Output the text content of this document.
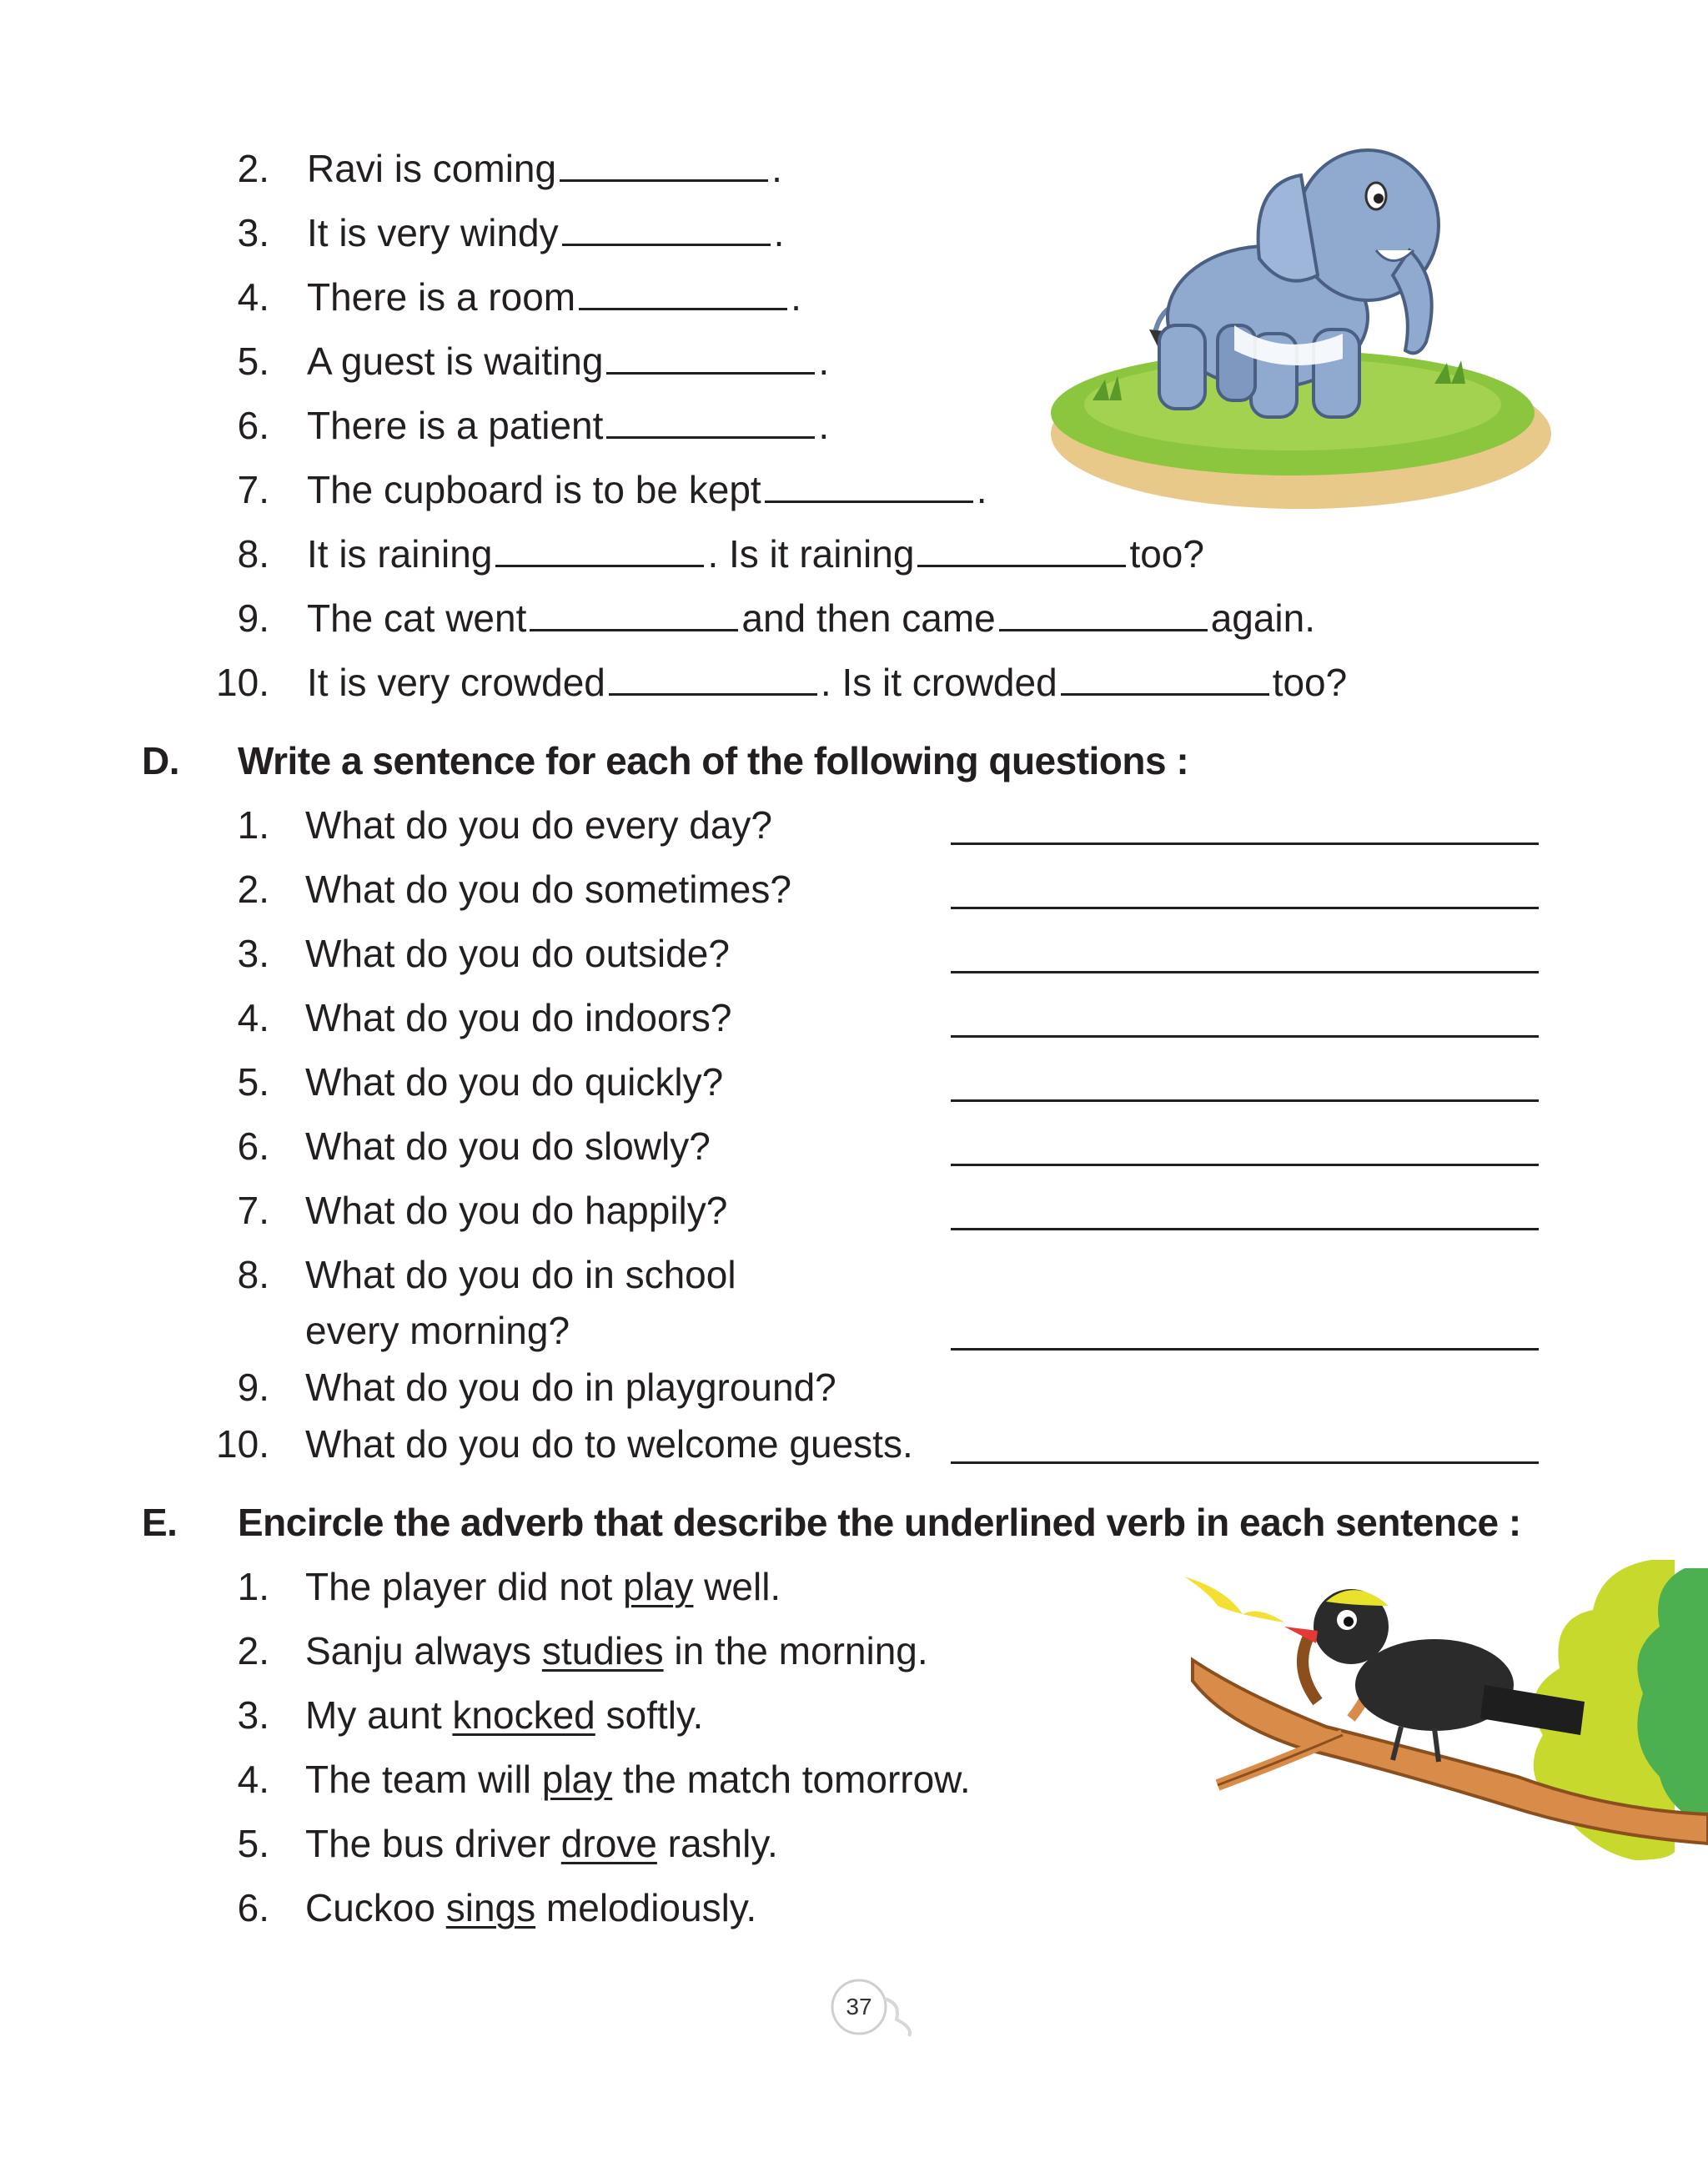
2. Ravi is coming	.
3. It is very windy	.
4. There is a room	.
5. A guest is waiting	.
6. There is a patient	.
7. The cupboard is to be kept	.
8. It is raining	. Is it raining	too?
9. The cat went	and then came	again.
10. It is very crowded	. Is it crowded	too?
D. Write a sentence for each of the following questions :
1. What do you do every day?
2. What do you do sometimes?
3. What do you do outside?
4. What do you do indoors?
5. What do you do quickly?
6. What do you do slowly?
7. What do you do happily?
8. What do you do in school
every morning?
9. What do you do in playground?
10. What do you do to welcome guests.
E. Encircle the adverb that describe the underlined verb in each sentence :
1. The player did not play well.
2. Sanju always studies in the morning.
3. My aunt knocked softly.
4. The team will play the match tomorrow.
5. The bus driver drove rashly.
6. Cuckoo sings melodiously.
37
